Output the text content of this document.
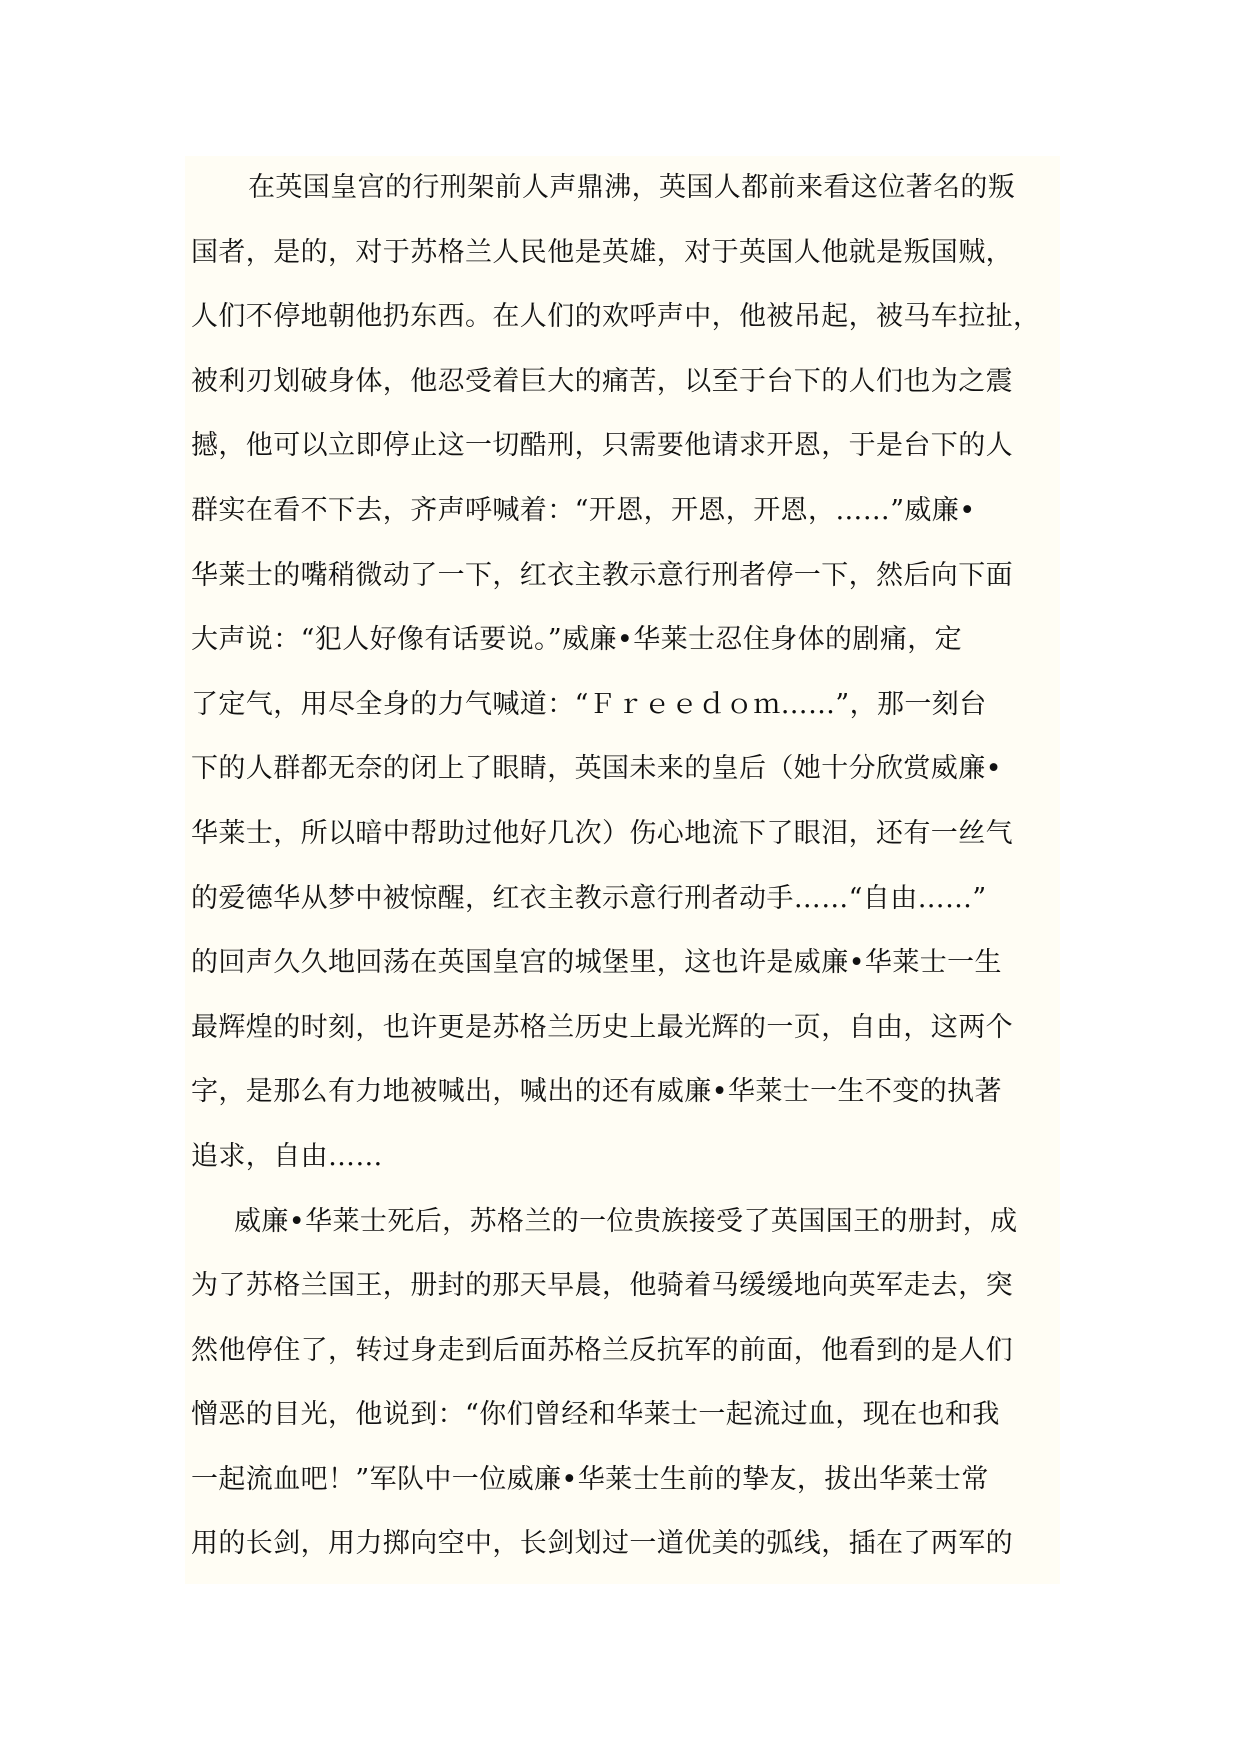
在英国皇宫的行刑架前人声鼎沸，英国人都前来看这位著名的叛
国者，是的，对于苏格兰人民他是英雄，对于英国人他就是叛国贼，
人们不停地朝他扔东西。在人们的欢呼声中，他被吊起，被马车拉扯，
被利刃划破身体，他忍受着巨大的痛苦，以至于台下的人们也为之震
撼，他可以立即停止这一切酷刑，只需要他请求开恩，于是台下的人
群实在看不下去，齐声呼喊着：“开恩，开恩，开恩，……”威廉•
华莱士的嘴稍微动了一下，红衣主教示意行刑者停一下，然后向下面
大声说：“犯人好像有话要说。”威廉•华莱士忍住身体的剧痛，定
了定气，用尽全身的力气喊道：“Ｆｒｅｅｄｏｍ……”，那一刻台
下的人群都无奈的闭上了眼睛，英国未来的皇后（她十分欣赏威廉•
华莱士，所以暗中帮助过他好几次）伤心地流下了眼泪，还有一丝气
的爱德华从梦中被惊醒，红衣主教示意行刑者动手……“自由……”
的回声久久地回荡在英国皇宫的城堡里，这也许是威廉•华莱士一生
最辉煌的时刻，也许更是苏格兰历史上最光辉的一页，自由，这两个
字，是那么有力地被喊出，喊出的还有威廉•华莱士一生不变的执著
追求，自由……

威廉•华莱士死后，苏格兰的一位贵族接受了英国国王的册封，成
为了苏格兰国王，册封的那天早晨，他骑着马缓缓地向英军走去，突
然他停住了，转过身走到后面苏格兰反抗军的前面，他看到的是人们
憎恶的目光，他说到：“你们曾经和华莱士一起流过血，现在也和我
一起流血吧！”军队中一位威廉•华莱士生前的挚友，拔出华莱士常
用的长剑，用力掷向空中，长剑划过一道优美的弧线，插在了两军的
